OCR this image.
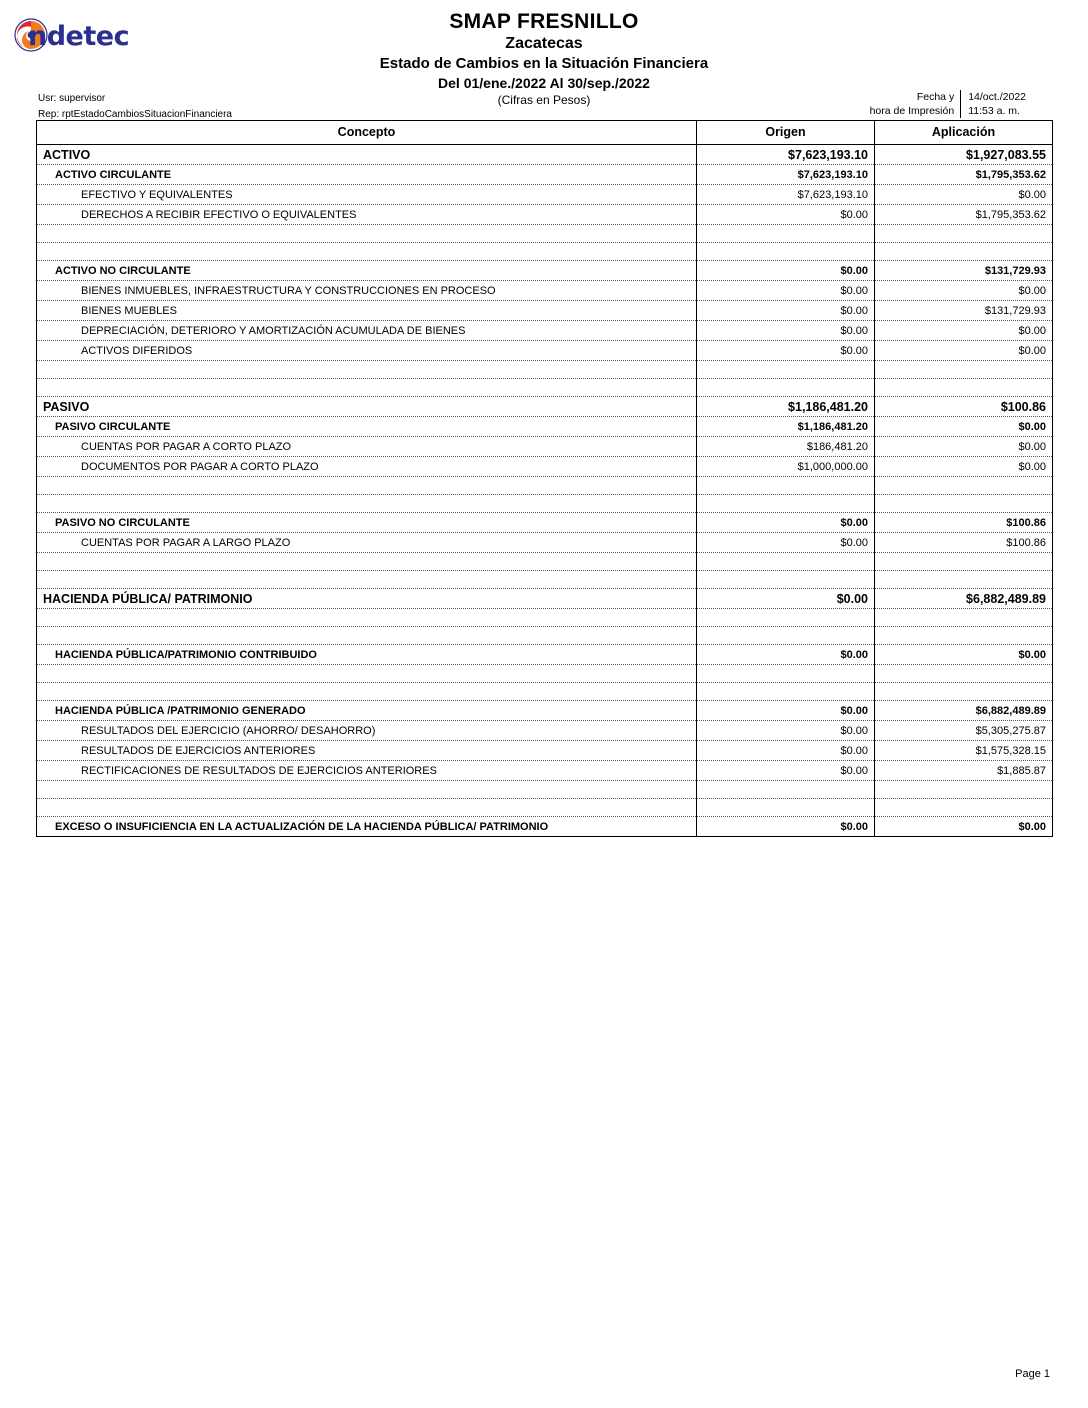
ndetec	SMAP FRESNILLO
Zacatecas
Estado de Cambios en la Situación Financiera
Del 01/ene./2022 Al 30/sep./2022
(Cifras en Pesos)
Usr: supervisor
Rep: rptEstadoCambiosSituacionFinanciera
Fecha y
hora de Impresión
14/oct./2022
11:53 a. m.
Concepto	Origen	Aplicación
ACTIVO	$7,623,193.10	$1,927,083.55
ACTIVO CIRCULANTE	$7,623,193.10	$1,795,353.62
EFECTIVO Y EQUIVALENTES	$7,623,193.10	$0.00
DERECHOS A RECIBIR EFECTIVO O EQUIVALENTES	$0.00	$1,795,353.62

ACTIVO NO CIRCULANTE	$0.00	$131,729.93
BIENES INMUEBLES, INFRAESTRUCTURA Y CONSTRUCCIONES EN PROCESO	$0.00	$0.00
BIENES MUEBLES	$0.00	$131,729.93
DEPRECIACIÓN, DETERIORO Y AMORTIZACIÓN ACUMULADA DE BIENES	$0.00	$0.00
ACTIVOS DIFERIDOS	$0.00	$0.00

PASIVO	$1,186,481.20	$100.86
PASIVO CIRCULANTE	$1,186,481.20	$0.00
CUENTAS POR PAGAR A CORTO PLAZO	$186,481.20	$0.00
DOCUMENTOS POR PAGAR A CORTO PLAZO	$1,000,000.00	$0.00

PASIVO NO CIRCULANTE	$0.00	$100.86
CUENTAS POR PAGAR A LARGO PLAZO	$0.00	$100.86

HACIENDA PÚBLICA/ PATRIMONIO	$0.00	$6,882,489.89

HACIENDA PÚBLICA/PATRIMONIO CONTRIBUIDO	$0.00	$0.00

HACIENDA PÚBLICA /PATRIMONIO GENERADO	$0.00	$6,882,489.89
RESULTADOS DEL EJERCICIO (AHORRO/ DESAHORRO)	$0.00	$5,305,275.87
RESULTADOS DE EJERCICIOS ANTERIORES	$0.00	$1,575,328.15
RECTIFICACIONES DE RESULTADOS DE EJERCICIOS ANTERIORES	$0.00	$1,885.87

EXCESO O INSUFICIENCIA EN LA ACTUALIZACIÓN DE LA HACIENDA PÚBLICA/ PATRIMONIO	$0.00	$0.00
Page 1
